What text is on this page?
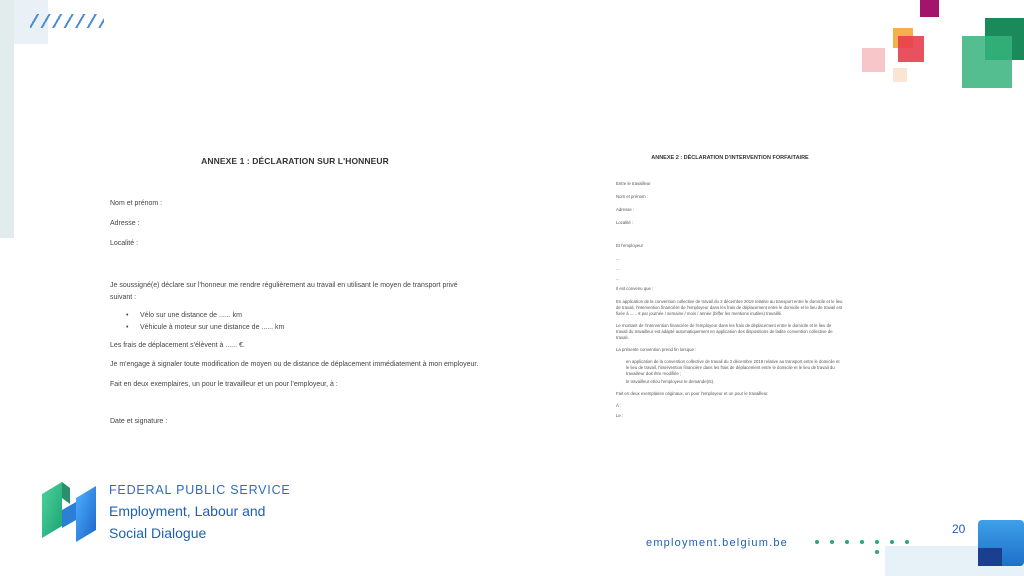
ANNEXE 1 : DÉCLARATION SUR L'HONNEUR
Nom et prénom :
Adresse :
Localité :
Je soussigné(e) déclare sur l'honneur me rendre régulièrement au travail en utilisant le moyen de transport privé suivant :
• Vélo sur une distance de ...... km
• Véhicule à moteur sur une distance de ...... km
Les frais de déplacement s'élèvent à ...... €.
Je m'engage à signaler toute modification de moyen ou de distance de déplacement immédiatement à mon employeur.
Fait en deux exemplaires, un pour le travailleur et un pour l'employeur, à :
Date et signature :
ANNEXE 2 : DÉCLARATION D'INTERVENTION FORFAITAIRE
Entre le travailleur
Nom et prénom :
Adresse :
Localité :
Et l'employeur
...
...
...
Il est convenu que :
En application de la convention collective de travail du 3 décembre 2019 relative au transport entre le domicile et le lieu de travail, l'intervention financière de l'employeur dans les frais de déplacement entre le domicile et le lieu de travail est fixée à ...... € par journée / semaine / mois / année (biffer les mentions inutiles) travaillé.
Le montant de l'intervention financière de l'employeur dans les frais de déplacement entre le domicile et le lieu de travail du travailleur est adapté automatiquement en application des dispositions de ladite convention collective de travail.
La présente convention prend fin lorsque :
en application de la convention collective de travail du 3 décembre 2019 relative au transport entre le domicile et le lieu de travail, l'intervention financière dans les frais de déplacement entre le domicile et le lieu de travail du travailleur doit être modifiée ;
le travailleur et/ou l'employeur le demande(nt).
Fait en deux exemplaires originaux, un pour l'employeur et un pour le travailleur.
À :
Le :
FEDERAL PUBLIC SERVICE
Employment, Labour and
Social Dialogue
employment.belgium.be
20
